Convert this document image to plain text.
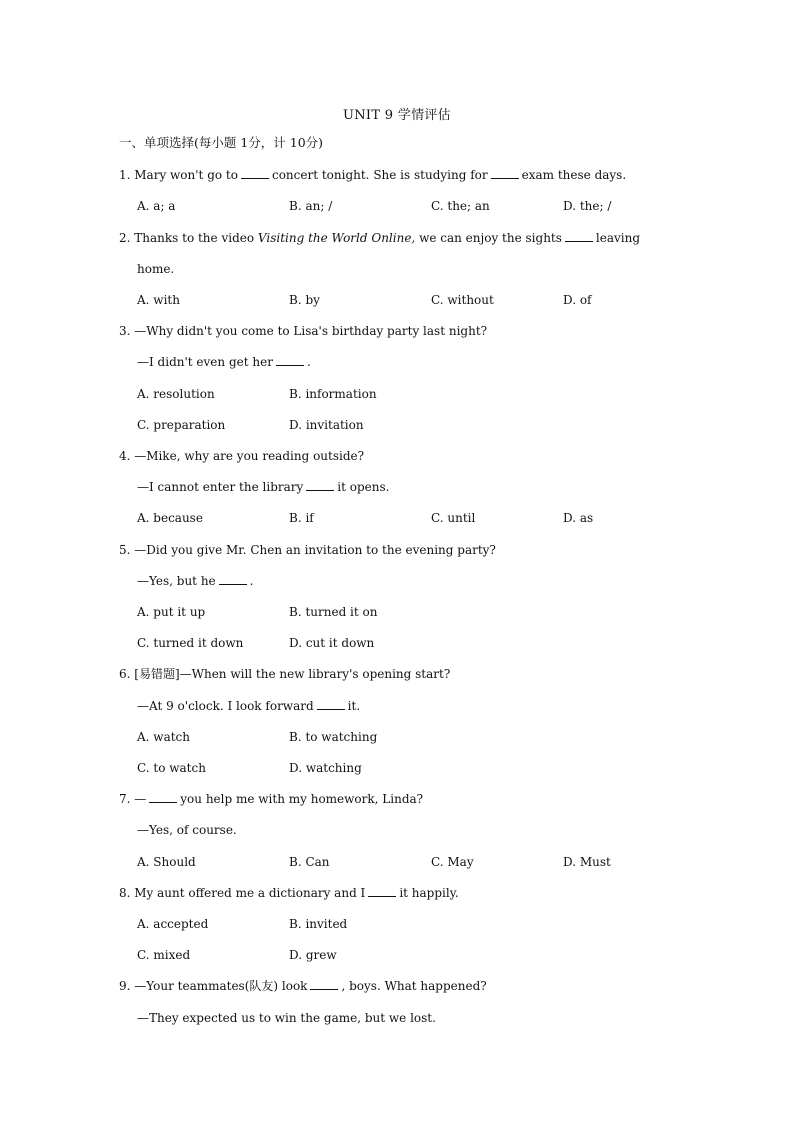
UNIT 9 学情评估
一、单项选择(每小题 1分，计 10分)
1. Mary won't go to	concert tonight. She is studying for	exam these days.
A. a; a	B. an; /	C. the; an	D. the; /
2. Thanks to the video Visiting the World Online, we can enjoy the sights	leaving
home.
A. with	B. by	C. without	D. of
3. —Why didn't you come to Lisa's birthday party last night?
—I didn't even get her	.
A. resolution	B. information
C. preparation	D. invitation
4. —Mike, why are you reading outside?
—I cannot enter the library	it opens.
A. because	B. if	C. until	D. as
5. —Did you give Mr. Chen an invitation to the evening party?
—Yes, but he	.
A. put it up	B. turned it on
C. turned it down	D. cut it down
6. [易错题]—When will the new library's opening start?
—At 9 o'clock. I look forward	it.
A. watch	B. to watching
C. to watch	D. watching
7. —	you help me with my homework, Linda?
—Yes, of course.
A. Should	B. Can	C. May	D. Must
8. My aunt offered me a dictionary and I	it happily.
A. accepted	B. invited
C. mixed	D. grew
9. —Your teammates(队友) look	, boys. What happened?
—They expected us to win the game, but we lost.
